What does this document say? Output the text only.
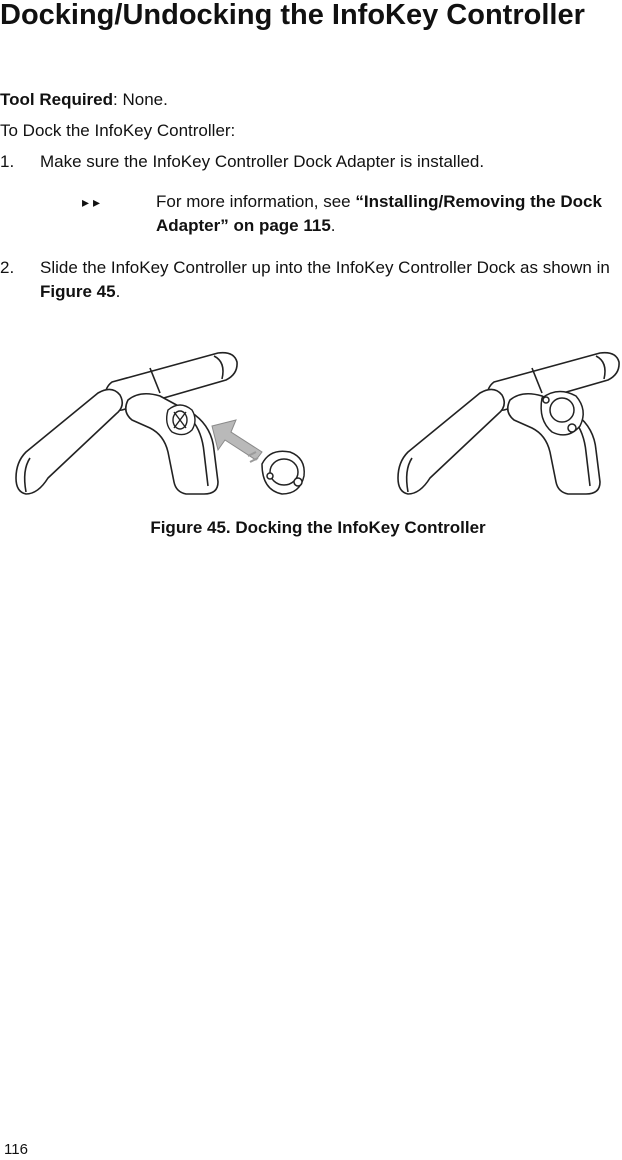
Docking/Undocking the InfoKey Controller

Tool Required: None.

To Dock the InfoKey Controller:

1. Make sure the InfoKey Controller Dock Adapter is installed.
▸▸	For more information, see “Installing/Removing the Dock Adapter” on page 115.
2. Slide the InfoKey Controller up into the InfoKey Controller Dock as shown in Figure 45.
Figure 45. Docking the InfoKey Controller
116
